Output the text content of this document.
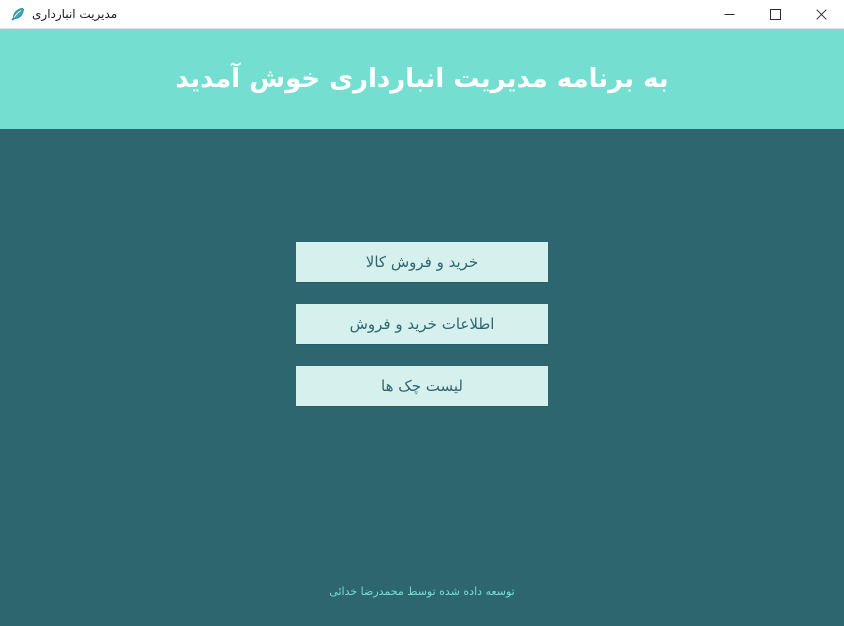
مدیریت انبارداری
به برنامه مدیریت انبارداری خوش آمدید
خرید و فروش کالا
اطلاعات خرید و فروش
لیست چک ها
توسعه داده شده توسط محمدرضا خدائی
